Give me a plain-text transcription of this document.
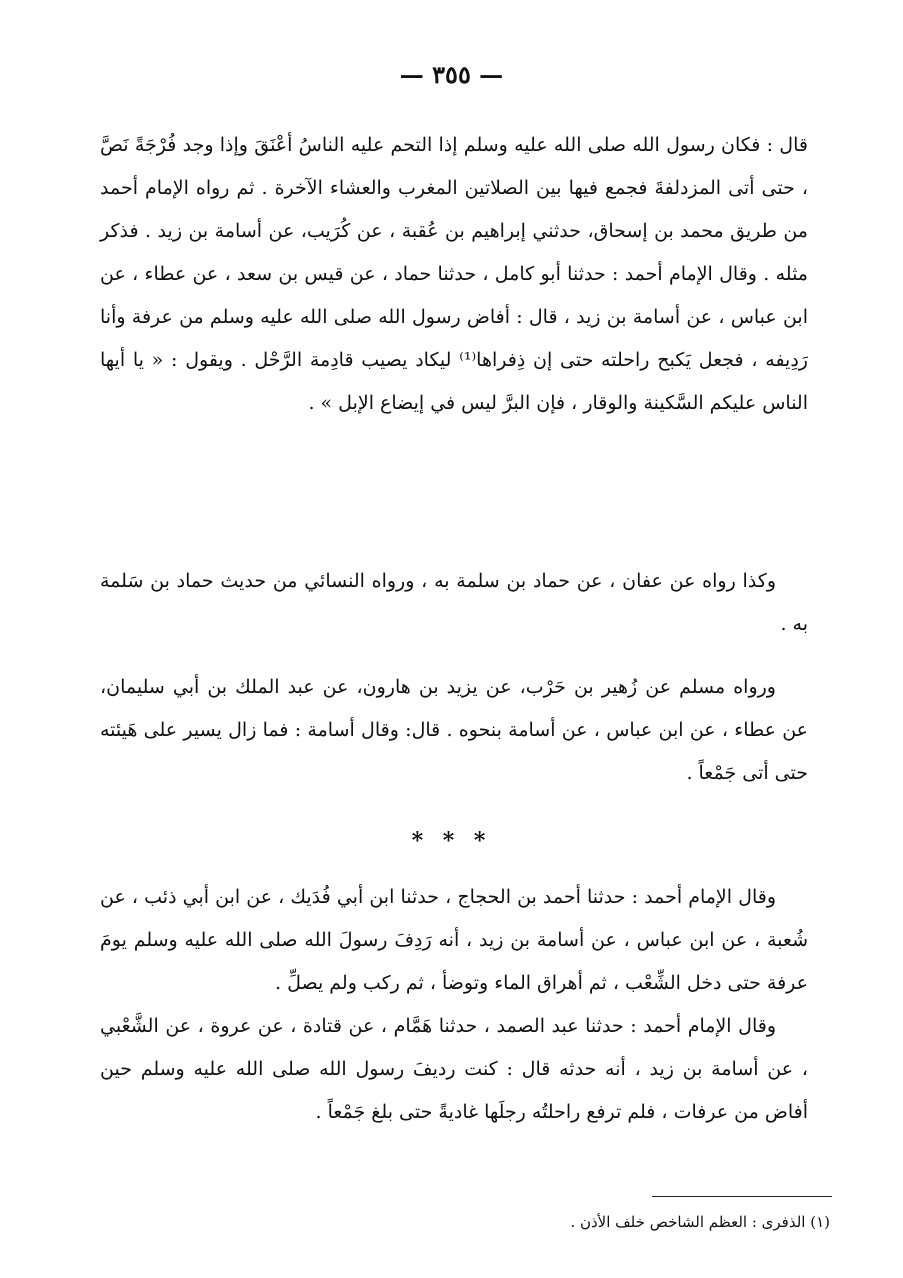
— ٣٥٥ —

قال : فكان رسول الله صلى الله عليه وسلم إذا التحم عليه الناسُ أعْنَقَ وإذا وجد فُرْجَةً نَصَّ ، حتى أتى المزدلفةَ فجمع فيها بين الصلاتين المغرب والعشاء الآخرة . ثم رواه الإمام أحمد من طريق محمد بن إسحاق، حدثني إبراهيم بن عُقبة ، عن كُرَيب، عن أسامة بن زيد . فذكر مثله . وقال الإمام أحمد : حدثنا أبو كامل ، حدثنا حماد ، عن قيس بن سعد ، عن عطاء ، عن ابن عباس ، عن أسامة بن زيد ، قال : أفاض رسول الله صلى الله عليه وسلم من عرفة وأنا رَدِيفه ، فجعل يَكبح راحلته حتى إن ذِفراها⁽¹⁾ ليكاد يصيب قادِمة الرَّحْل . ويقول : « يا أيها الناس عليكم السَّكينة والوقار ، فإن البرَّ ليس في إيضاع الإبل » .

وكذا رواه عن عفان ، عن حماد بن سلمة به ، ورواه النسائي من حديث حماد بن سَلمة به .

ورواه مسلم عن زُهير بن حَرْب، عن يزيد بن هارون، عن عبد الملك بن أبي سليمان، عن عطاء ، عن ابن عباس ، عن أسامة بنحوه . قال: وقال أسامة : فما زال يسير على هَيئته حتى أتى جَمْعاً .

* * *

وقال الإمام أحمد : حدثنا أحمد بن الحجاج ، حدثنا ابن أبي فُدَيك ، عن ابن أبي ذئب ، عن شُعبة ، عن ابن عباس ، عن أسامة بن زيد ، أنه رَدِفَ رسولَ الله صلى الله عليه وسلم يومَ عرفة حتى دخل الشِّعْب ، ثم أهراق الماء وتوضأ ، ثم ركب ولم يصلِّ .

وقال الإمام أحمد : حدثنا عبد الصمد ، حدثنا هَمَّام ، عن قتادة ، عن عروة ، عن الشَّعْبي ، عن أسامة بن زيد ، أنه حدثه قال : كنت رديفَ رسول الله صلى الله عليه وسلم حين أفاض من عرفات ، فلم ترفع راحلتُه رجلَها غاديةً حتى بلغ جَمْعاً .

(١) الذفرى : العظم الشاخص خلف الأذن .
